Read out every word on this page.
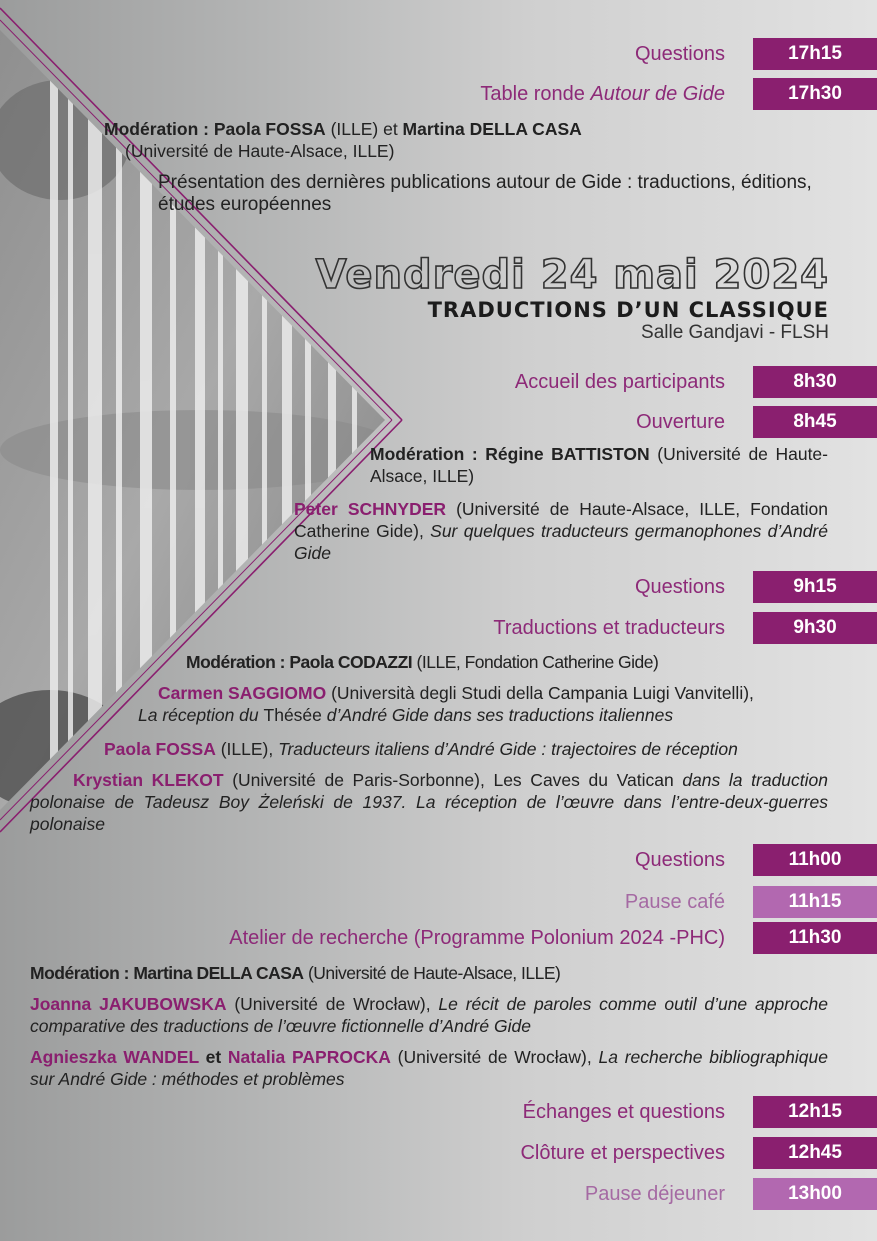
Questions	17h15
Table ronde Autour de Gide	17h30
Modération : Paola FOSSA (ILLE) et Martina DELLA CASA
(Université de Haute-Alsace, ILLE)
Présentation des dernières publications autour de Gide : traductions, éditions, études européennes
Vendredi 24 mai 2024
TRADUCTIONS D’UN CLASSIQUE
Salle Gandjavi - FLSH
Accueil des participants	8h30
Ouverture	8h45
Modération : Régine BATTISTON (Université de Haute-Alsace, ILLE)
Peter SCHNYDER (Université de Haute-Alsace, ILLE, Fondation Catherine Gide), Sur quelques traducteurs germanophones d’André Gide
Questions	9h15
Traductions et traducteurs	9h30
Modération : Paola CODAZZI (ILLE, Fondation Catherine Gide)
Carmen SAGGIOMO (Università degli Studi della Campania Luigi Vanvitelli),
La réception du Thésée d’André Gide dans ses traductions italiennes
Paola FOSSA (ILLE), Traducteurs italiens d’André Gide : trajectoires de réception
Krystian KLEKOT (Université de Paris-Sorbonne), Les Caves du Vatican dans la traduction polonaise de Tadeusz Boy Żeleński de 1937. La réception de l’œuvre dans l’entre-deux-guerres polonaise
Questions	11h00
Pause café	11h15
Atelier de recherche (Programme Polonium 2024 -PHC)	11h30
Modération : Martina DELLA CASA (Université de Haute-Alsace, ILLE)
Joanna JAKUBOWSKA (Université de Wrocław), Le récit de paroles comme outil d’une approche comparative des traductions de l’œuvre fictionnelle d’André Gide
Agnieszka WANDEL et Natalia PAPROCKA (Université de Wrocław), La recherche bibliographique sur André Gide : méthodes et problèmes
Échanges et questions	12h15
Clôture et perspectives	12h45
Pause déjeuner	13h00
